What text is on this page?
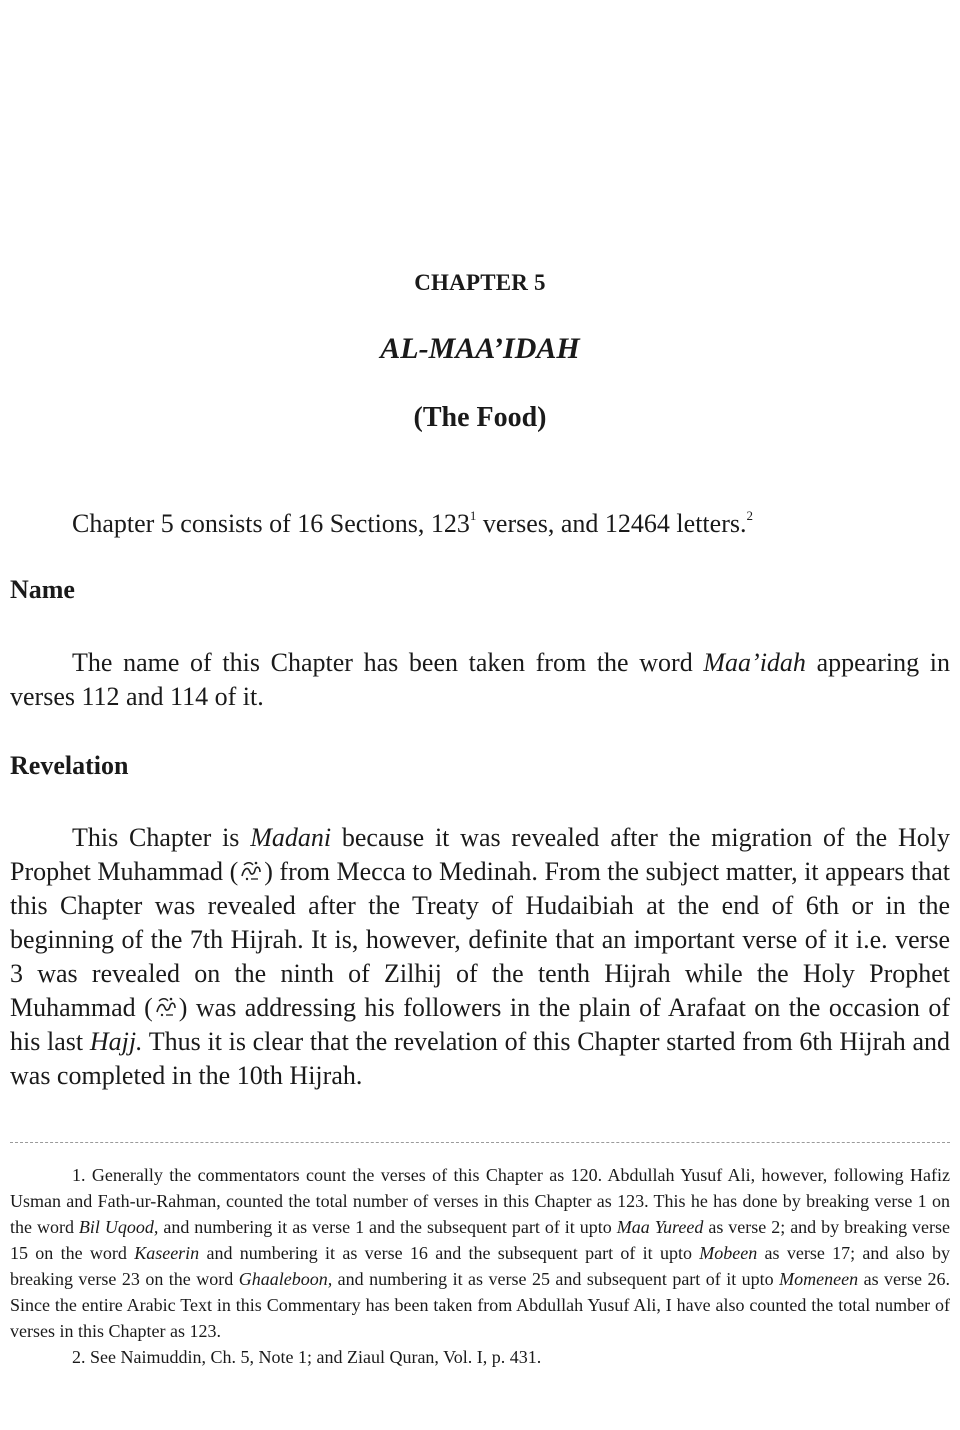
CHAPTER 5
AL-MAA’IDAH
(The Food)

Chapter 5 consists of 16 Sections, $123^1$ verses, and 12464 letters.$^2$

Name

The name of this Chapter has been taken from the word Maa’idah appearing in verses 112 and 114 of it.

Revelation

This Chapter is Madani because it was revealed after the migration of the Holy Prophet Muhammad ( ) from Mecca to Medinah. From the subject matter, it appears that this Chapter was revealed after the Treaty of Hudaibiah at the end of 6th or in the beginning of the 7th Hijrah. It is, however, definite that an important verse of it i.e. verse 3 was revealed on the ninth of Zilhij of the tenth Hijrah while the Holy Prophet Muhammad ( ) was addressing his followers in the plain of Arafaat on the occasion of his last Hajj. Thus it is clear that the revelation of this Chapter started from 6th Hijrah and was completed in the 10th Hijrah.

1. Generally the commentators count the verses of this Chapter as 120. Abdullah Yusuf Ali, however, following Hafiz Usman and Fath-ur-Rahman, counted the total number of verses in this Chapter as 123. This he has done by breaking verse 1 on the word Bil Uqood, and numbering it as verse 1 and the subsequent part of it upto Maa Yureed as verse 2; and by breaking verse 15 on the word Kaseerin and numbering it as verse 16 and the subsequent part of it upto Mobeen as verse 17; and also by breaking verse 23 on the word Ghaaleboon, and numbering it as verse 25 and subsequent part of it upto Momeneen as verse 26. Since the entire Arabic Text in this Commentary has been taken from Abdullah Yusuf Ali, I have also counted the total number of verses in this Chapter as 123.

2. See Naimuddin, Ch. 5, Note 1; and Ziaul Quran, Vol. I, p. 431.
